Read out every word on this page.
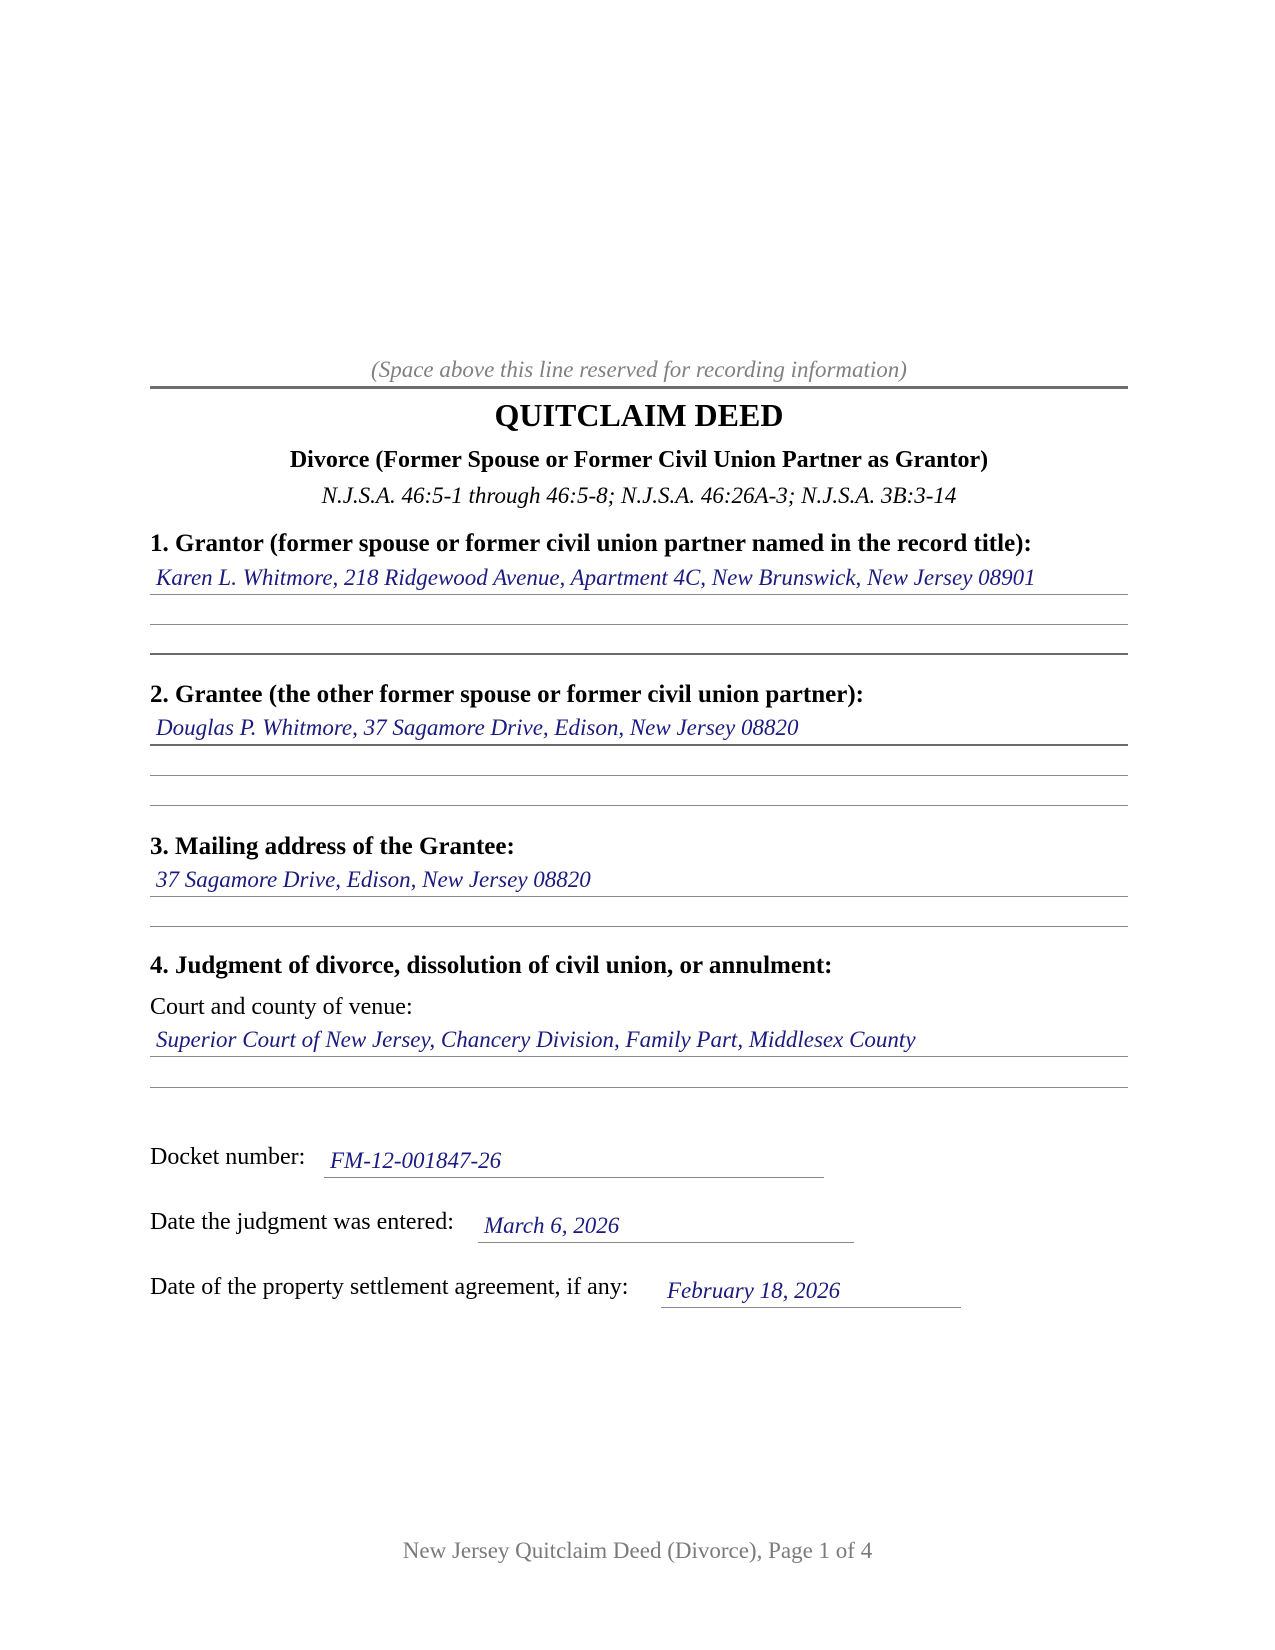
(Space above this line reserved for recording information)
QUITCLAIM DEED
Divorce (Former Spouse or Former Civil Union Partner as Grantor)
N.J.S.A. 46:5-1 through 46:5-8; N.J.S.A. 46:26A-3; N.J.S.A. 3B:3-14
1. Grantor (former spouse or former civil union partner named in the record title):
Karen L. Whitmore, 218 Ridgewood Avenue, Apartment 4C, New Brunswick, New Jersey 08901
2. Grantee (the other former spouse or former civil union partner):
Douglas P. Whitmore, 37 Sagamore Drive, Edison, New Jersey 08820
3. Mailing address of the Grantee:
37 Sagamore Drive, Edison, New Jersey 08820
4. Judgment of divorce, dissolution of civil union, or annulment:
Court and county of venue:
Superior Court of New Jersey, Chancery Division, Family Part, Middlesex County
Docket number: FM-12-001847-26
Date the judgment was entered: March 6, 2026
Date of the property settlement agreement, if any: February 18, 2026
New Jersey Quitclaim Deed (Divorce), Page 1 of 4
